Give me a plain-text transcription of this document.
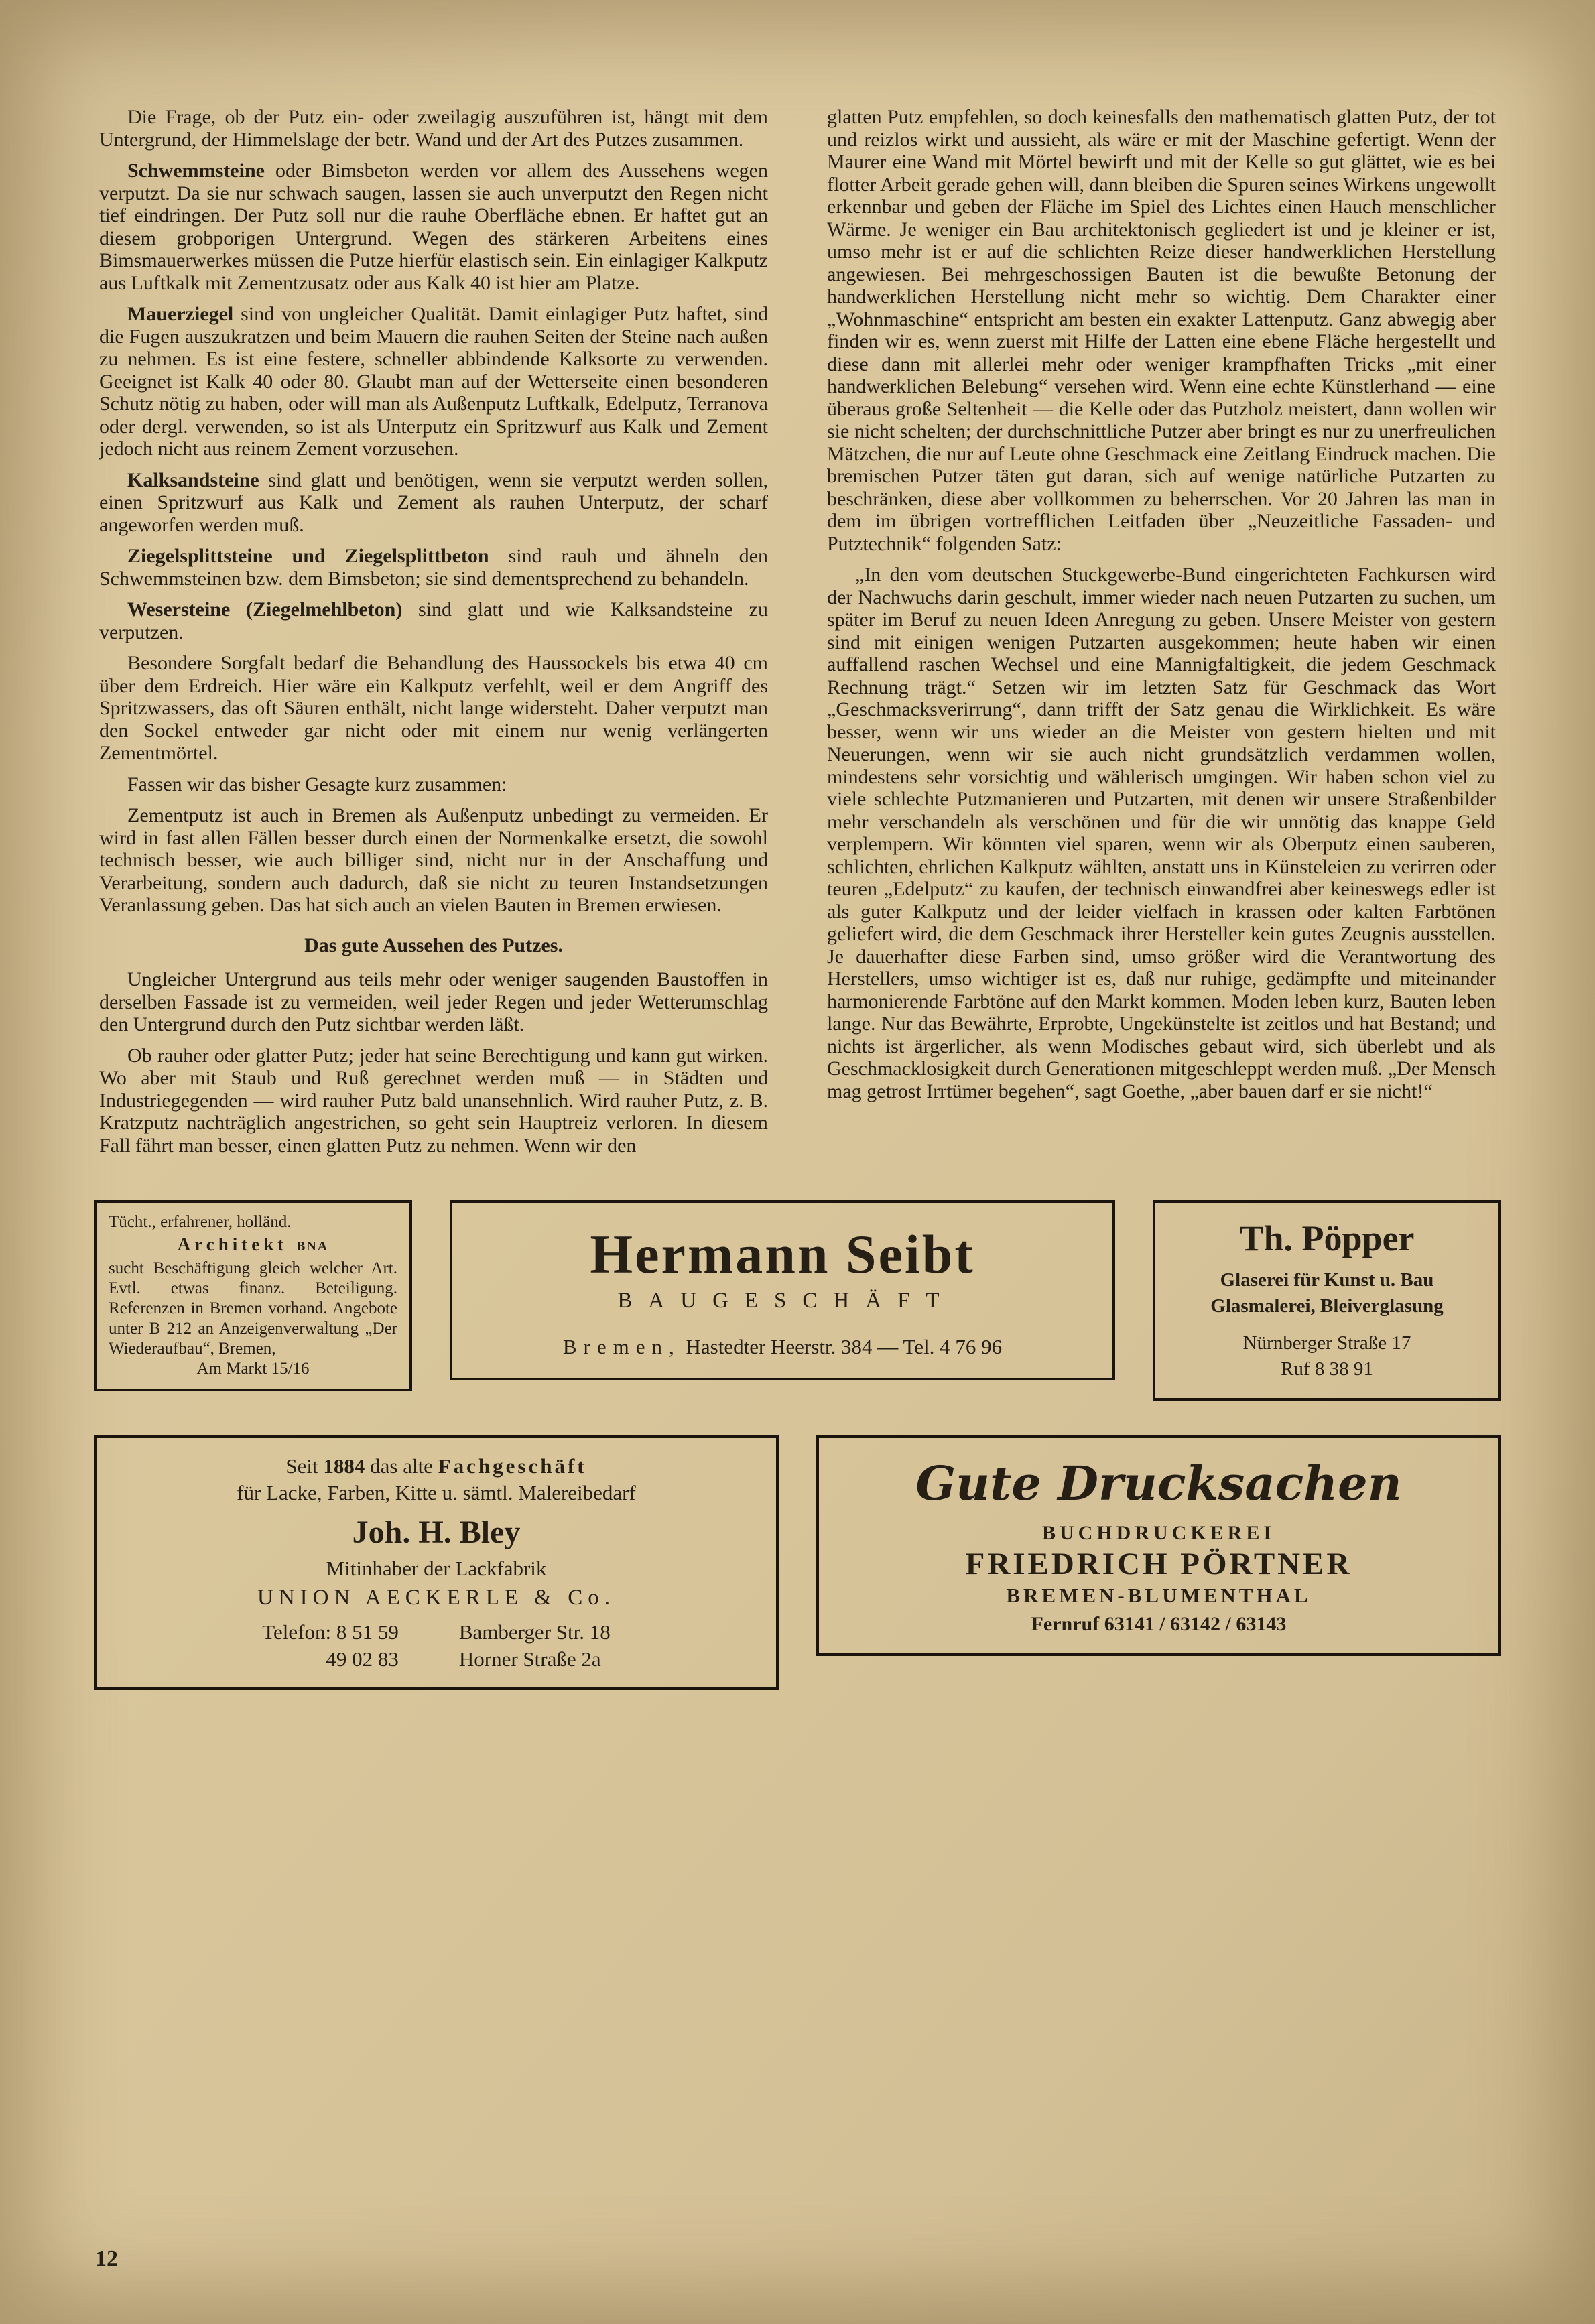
Die Frage, ob der Putz ein- oder zweilagig auszuführen ist, hängt mit dem Untergrund, der Himmelslage der betr. Wand und der Art des Putzes zusammen.

Schwemmsteine oder Bimsbeton werden vor allem des Aussehens wegen verputzt. Da sie nur schwach saugen, lassen sie auch unverputzt den Regen nicht tief eindringen. Der Putz soll nur die rauhe Oberfläche ebnen. Er haftet gut an diesem grobporigen Untergrund. Wegen des stärkeren Arbeitens eines Bimsmauerwerkes müssen die Putze hierfür elastisch sein. Ein einlagiger Kalkputz aus Luftkalk mit Zementzusatz oder aus Kalk 40 ist hier am Platze.

Mauerziegel sind von ungleicher Qualität. Damit einlagiger Putz haftet, sind die Fugen auszukratzen und beim Mauern die rauhen Seiten der Steine nach außen zu nehmen. Es ist eine festere, schneller abbindende Kalksorte zu verwenden. Geeignet ist Kalk 40 oder 80. Glaubt man auf der Wetterseite einen besonderen Schutz nötig zu haben, oder will man als Außenputz Luftkalk, Edelputz, Terranova oder dergl. verwenden, so ist als Unterputz ein Spritzwurf aus Kalk und Zement jedoch nicht aus reinem Zement vorzusehen.

Kalksandsteine sind glatt und benötigen, wenn sie verputzt werden sollen, einen Spritzwurf aus Kalk und Zement als rauhen Unterputz, der scharf angeworfen werden muß.

Ziegelsplittsteine und Ziegelsplittbeton sind rauh und ähneln den Schwemmsteinen bzw. dem Bimsbeton; sie sind dementsprechend zu behandeln.

Wesersteine (Ziegelmehlbeton) sind glatt und wie Kalksandsteine zu verputzen.

Besondere Sorgfalt bedarf die Behandlung des Haussockels bis etwa 40 cm über dem Erdreich. Hier wäre ein Kalkputz verfehlt, weil er dem Angriff des Spritzwassers, das oft Säuren enthält, nicht lange widersteht. Daher verputzt man den Sockel entweder gar nicht oder mit einem nur wenig verlängerten Zementmörtel.

Fassen wir das bisher Gesagte kurz zusammen:

Zementputz ist auch in Bremen als Außenputz unbedingt zu vermeiden. Er wird in fast allen Fällen besser durch einen der Normenkalke ersetzt, die sowohl technisch besser, wie auch billiger sind, nicht nur in der Anschaffung und Verarbeitung, sondern auch dadurch, daß sie nicht zu teuren Instandsetzungen Veranlassung geben. Das hat sich auch an vielen Bauten in Bremen erwiesen.

Das gute Aussehen des Putzes.

Ungleicher Untergrund aus teils mehr oder weniger saugenden Baustoffen in derselben Fassade ist zu vermeiden, weil jeder Regen und jeder Wetterumschlag den Untergrund durch den Putz sichtbar werden läßt.

Ob rauher oder glatter Putz; jeder hat seine Berechtigung und kann gut wirken. Wo aber mit Staub und Ruß gerechnet werden muß — in Städten und Industriegegenden — wird rauher Putz bald unansehnlich. Wird rauher Putz, z. B. Kratzputz nachträglich angestrichen, so geht sein Hauptreiz verloren. In diesem Fall fährt man besser, einen glatten Putz zu nehmen. Wenn wir den

glatten Putz empfehlen, so doch keinesfalls den mathematisch glatten Putz, der tot und reizlos wirkt und aussieht, als wäre er mit der Maschine gefertigt. Wenn der Maurer eine Wand mit Mörtel bewirft und mit der Kelle so gut glättet, wie es bei flotter Arbeit gerade gehen will, dann bleiben die Spuren seines Wirkens ungewollt erkennbar und geben der Fläche im Spiel des Lichtes einen Hauch menschlicher Wärme. Je weniger ein Bau architektonisch gegliedert ist und je kleiner er ist, umso mehr ist er auf die schlichten Reize dieser handwerklichen Herstellung angewiesen. Bei mehrgeschossigen Bauten ist die bewußte Betonung der handwerklichen Herstellung nicht mehr so wichtig. Dem Charakter einer „Wohnmaschine“ entspricht am besten ein exakter Lattenputz. Ganz abwegig aber finden wir es, wenn zuerst mit Hilfe der Latten eine ebene Fläche hergestellt und diese dann mit allerlei mehr oder weniger krampfhaften Tricks „mit einer handwerklichen Belebung“ versehen wird. Wenn eine echte Künstlerhand — eine überaus große Seltenheit — die Kelle oder das Putzholz meistert, dann wollen wir sie nicht schelten; der durchschnittliche Putzer aber bringt es nur zu unerfreulichen Mätzchen, die nur auf Leute ohne Geschmack eine Zeitlang Eindruck machen. Die bremischen Putzer täten gut daran, sich auf wenige natürliche Putzarten zu beschränken, diese aber vollkommen zu beherrschen. Vor 20 Jahren las man in dem im übrigen vortrefflichen Leitfaden über „Neuzeitliche Fassaden- und Putztechnik“ folgenden Satz:

„In den vom deutschen Stuckgewerbe-Bund eingerichteten Fachkursen wird der Nachwuchs darin geschult, immer wieder nach neuen Putzarten zu suchen, um später im Beruf zu neuen Ideen Anregung zu geben. Unsere Meister von gestern sind mit einigen wenigen Putzarten ausgekommen; heute haben wir einen auffallend raschen Wechsel und eine Mannigfaltigkeit, die jedem Geschmack Rechnung trägt.“ Setzen wir im letzten Satz für Geschmack das Wort „Geschmacksverirrung“, dann trifft der Satz genau die Wirklichkeit. Es wäre besser, wenn wir uns wieder an die Meister von gestern hielten und mit Neuerungen, wenn wir sie auch nicht grundsätzlich verdammen wollen, mindestens sehr vorsichtig und wählerisch umgingen. Wir haben schon viel zu viele schlechte Putzmanieren und Putzarten, mit denen wir unsere Straßenbilder mehr verschandeln als verschönen und für die wir unnötig das knappe Geld verplempern. Wir könnten viel sparen, wenn wir als Oberputz einen sauberen, schlichten, ehrlichen Kalkputz wählten, anstatt uns in Künsteleien zu verirren oder teuren „Edelputz“ zu kaufen, der technisch einwandfrei aber keineswegs edler ist als guter Kalkputz und der leider vielfach in krassen oder kalten Farbtönen geliefert wird, die dem Geschmack ihrer Hersteller kein gutes Zeugnis ausstellen. Je dauerhafter diese Farben sind, umso größer wird die Verantwortung des Herstellers, umso wichtiger ist es, daß nur ruhige, gedämpfte und miteinander harmonierende Farbtöne auf den Markt kommen. Moden leben kurz, Bauten leben lange. Nur das Bewährte, Erprobte, Ungekünstelte ist zeitlos und hat Bestand; und nichts ist ärgerlicher, als wenn Modisches gebaut wird, sich überlebt und als Geschmacklosigkeit durch Generationen mitgeschleppt werden muß. „Der Mensch mag getrost Irrtümer begehen“, sagt Goethe, „aber bauen darf er sie nicht!“

Tücht., erfahrener, holländ.
Architekt BNA
sucht Beschäftigung gleich welcher Art. Evtl. etwas finanz. Beteiligung. Referenzen in Bremen vorhand. Angebote unter B 212 an Anzeigenverwaltung „Der Wiederaufbau“, Bremen,
Am Markt 15/16
Hermann Seibt
BAUGESCHÄFT
Bremen, Hastedter Heerstr. 384 — Tel. 4 76 96
Th. Pöpper
Glaserei für Kunst u. Bau
Glasmalerei, Bleiverglasung
Nürnberger Straße 17
Ruf 8 38 91
Seit 1884 das alte Fachgeschäft
für Lacke, Farben, Kitte u. sämtl. Malereibedarf
Joh. H. Bley
Mitinhaber der Lackfabrik
UNION AECKERLE & Co.
Telefon: 8 51 59
49 02 83
Bamberger Str. 18
Horner Straße 2a
Gute Drucksachen
BUCHDRUCKEREI
FRIEDRICH PÖRTNER
BREMEN-BLUMENTHAL
Fernruf 63141 / 63142 / 63143
12
